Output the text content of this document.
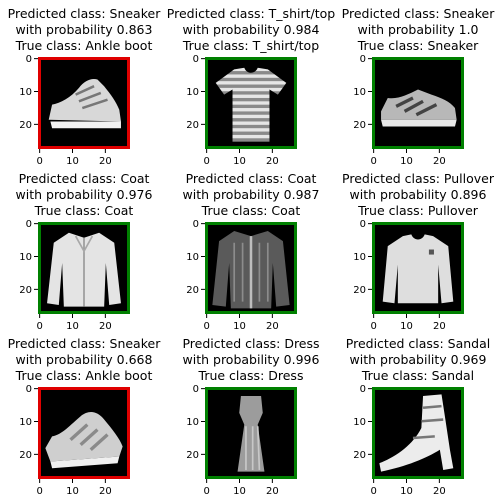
Predicted class: Sneaker
with probability 0.863
True class: Ankle boot
0 10 20
0
10
20
Predicted class: T_shirt/top
with probability 0.984
True class: T_shirt/top
0 10 20
0
10
20
Predicted class: Sneaker
with probability 1.0
True class: Sneaker
0 10 20
0
10
20
Predicted class: Coat
with probability 0.976
True class: Coat
0 10 20
0
10
20
Predicted class: Coat
with probability 0.987
True class: Coat
0 10 20
0
10
20
Predicted class: Pullover
with probability 0.896
True class: Pullover
0 10 20
0
10
20
Predicted class: Sneaker
with probability 0.668
True class: Ankle boot
0 10 20
0
10
20
Predicted class: Dress
with probability 0.996
True class: Dress
0 10 20
0
10
20
Predicted class: Sandal
with probability 0.969
True class: Sandal
0 10 20
0
10
20
